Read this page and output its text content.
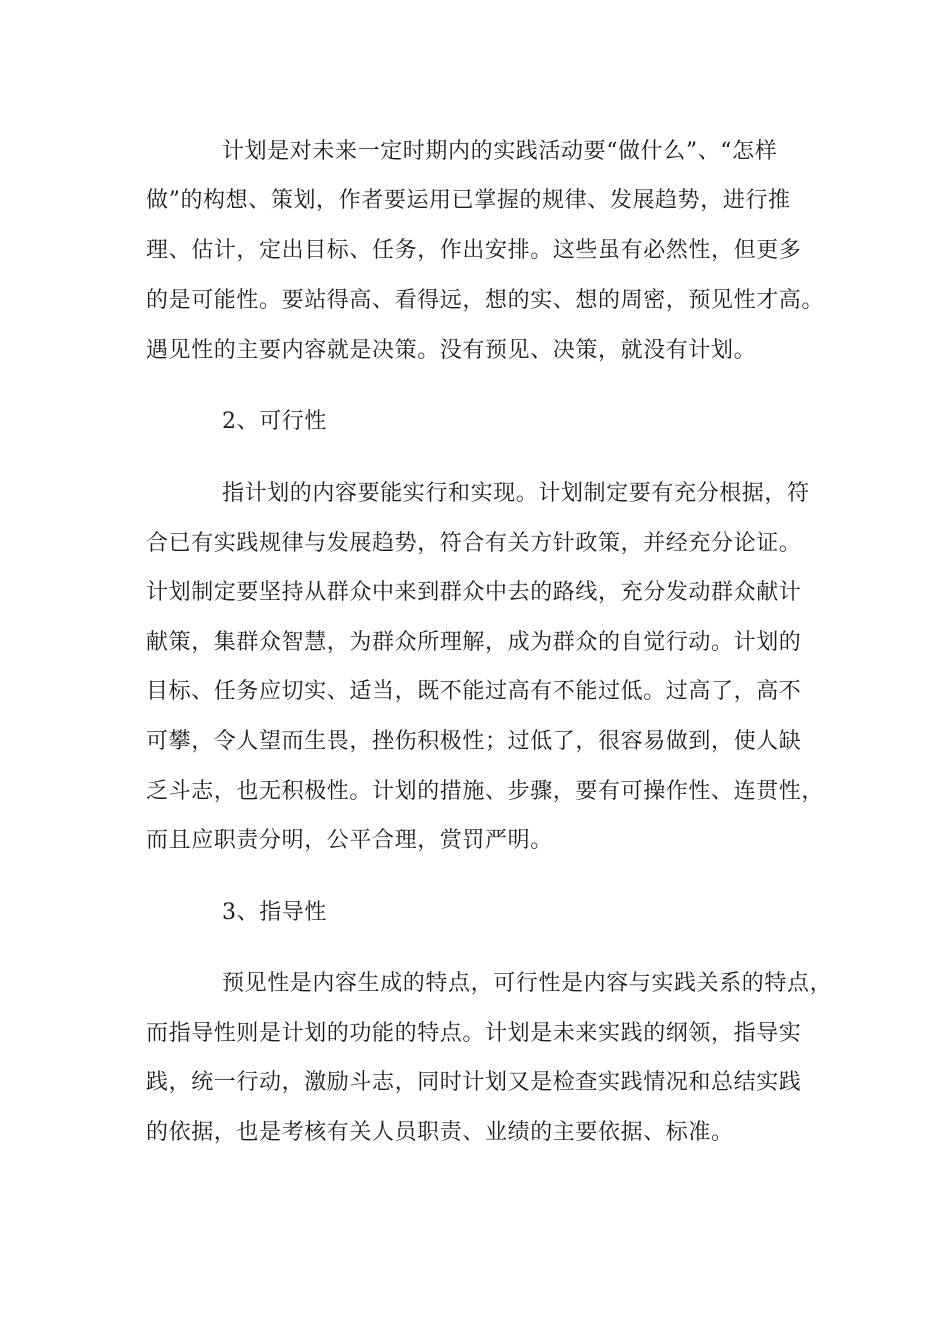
计划是对未来一定时期内的实践活动要“做什么”、“怎样
做”的构想、策划，作者要运用已掌握的规律、发展趋势，进行推
理、估计，定出目标、任务，作出安排。这些虽有必然性，但更多
的是可能性。要站得高、看得远，想的实、想的周密，预见性才高。
遇见性的主要内容就是决策。没有预见、决策，就没有计划。
2、可行性
指计划的内容要能实行和实现。计划制定要有充分根据，符
合已有实践规律与发展趋势，符合有关方针政策，并经充分论证。
计划制定要坚持从群众中来到群众中去的路线，充分发动群众献计
献策，集群众智慧，为群众所理解，成为群众的自觉行动。计划的
目标、任务应切实、适当，既不能过高有不能过低。过高了，高不
可攀，令人望而生畏，挫伤积极性；过低了，很容易做到，使人缺
乏斗志，也无积极性。计划的措施、步骤，要有可操作性、连贯性，
而且应职责分明，公平合理，赏罚严明。
3、指导性
预见性是内容生成的特点，可行性是内容与实践关系的特点，
而指导性则是计划的功能的特点。计划是未来实践的纲领，指导实
践，统一行动，激励斗志，同时计划又是检查实践情况和总结实践
的依据，也是考核有关人员职责、业绩的主要依据、标准。
